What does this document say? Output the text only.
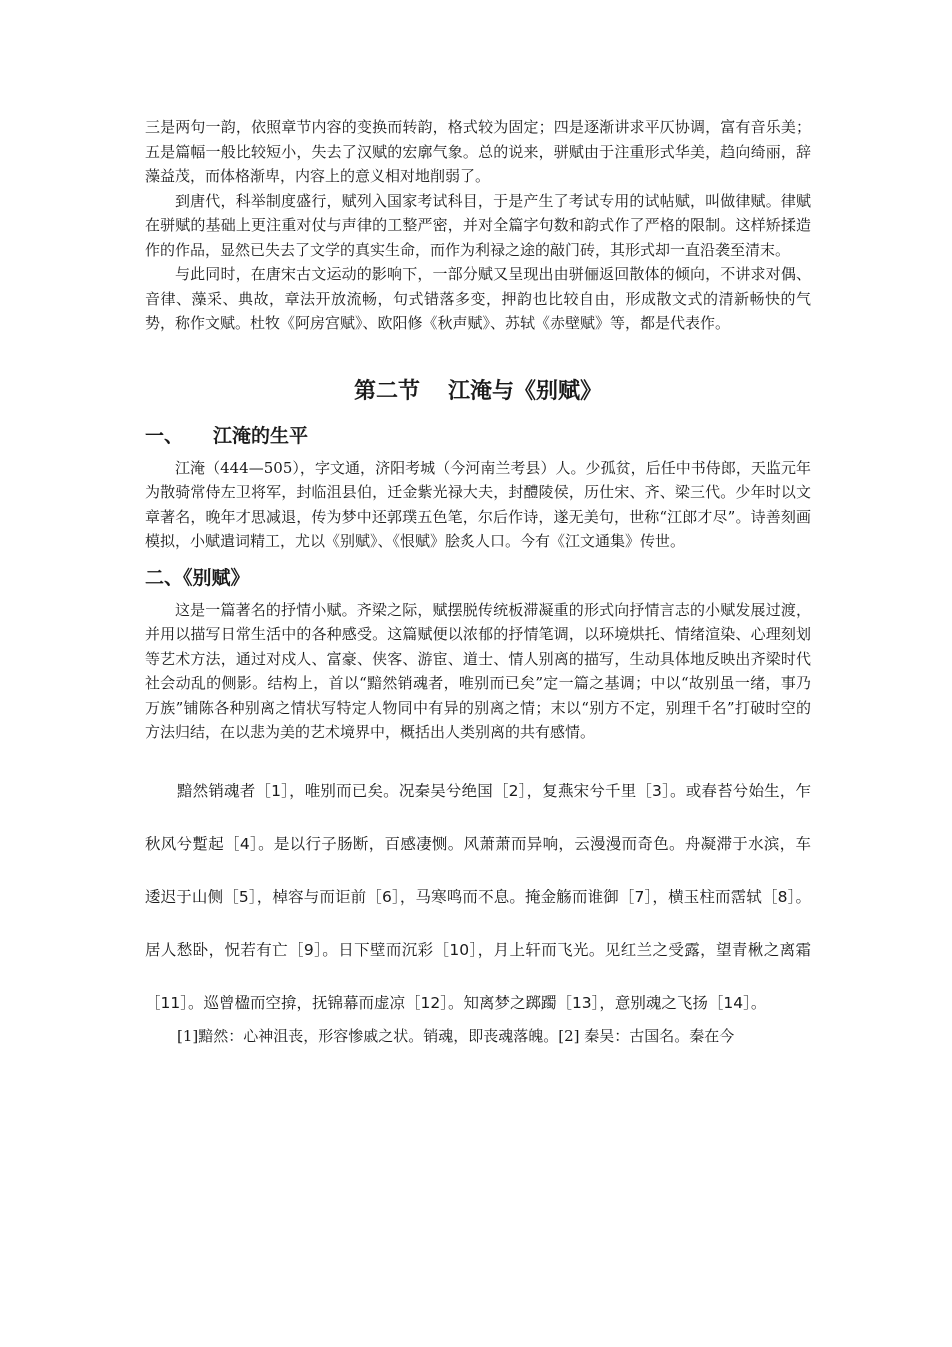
三是两句一韵，依照章节内容的变换而转韵，格式较为固定；四是逐渐讲求平仄协调，富有音乐美；五是篇幅一般比较短小，失去了汉赋的宏廓气象。总的说来，骈赋由于注重形式华美，趋向绮丽，辞藻益茂，而体格渐卑，内容上的意义相对地削弱了。

到唐代，科举制度盛行，赋列入国家考试科目，于是产生了考试专用的试帖赋，叫做律赋。律赋在骈赋的基础上更注重对仗与声律的工整严密，并对全篇字句数和韵式作了严格的限制。这样矫揉造作的作品，显然已失去了文学的真实生命，而作为利禄之途的敲门砖，其形式却一直沿袭至清末。

与此同时，在唐宋古文运动的影响下，一部分赋又呈现出由骈俪返回散体的倾向，不讲求对偶、音律、藻采、典故，章法开放流畅，句式错落多变，押韵也比较自由，形成散文式的清新畅快的气势，称作文赋。杜牧《阿房宫赋》、欧阳修《秋声赋》、苏轼《赤壁赋》等，都是代表作。

第二节 江淹与《别赋》
一、 江淹的生平

江淹（444—505），字文通，济阳考城（今河南兰考县）人。少孤贫，后任中书侍郎，天监元年为散骑常侍左卫将军，封临沮县伯，迁金紫光禄大夫，封醴陵侯，历仕宋、齐、梁三代。少年时以文章著名，晚年才思减退，传为梦中还郭璞五色笔，尔后作诗，遂无美句，世称“江郎才尽”。诗善刻画模拟，小赋遣词精工，尤以《别赋》、《恨赋》脍炙人口。今有《江文通集》传世。

二、《别赋》

这是一篇著名的抒情小赋。齐梁之际，赋摆脱传统板滞凝重的形式向抒情言志的小赋发展过渡，并用以描写日常生活中的各种感受。这篇赋便以浓郁的抒情笔调，以环境烘托、情绪渲染、心理刻划等艺术方法，通过对戍人、富豪、侠客、游宦、道士、情人别离的描写，生动具体地反映出齐梁时代社会动乱的侧影。结构上，首以“黯然销魂者，唯别而已矣”定一篇之基调；中以“故别虽一绪，事乃万族”铺陈各种别离之情状写特定人物同中有异的别离之情；末以“别方不定，别理千名”打破时空的方法归结，在以悲为美的艺术境界中，概括出人类别离的共有感情。

黯然销魂者［1］，唯别而已矣。况秦吴兮绝国［2］，复燕宋兮千里［3］。或春苔兮始生，乍秋风兮蹔起［4］。是以行子肠断，百感凄恻。风萧萧而异响，云漫漫而奇色。舟凝滞于水滨，车逶迟于山侧［5］，棹容与而讵前［6］，马寒鸣而不息。掩金觞而谁御［7］，横玉柱而霑轼［8］。居人愁卧，怳若有亡［9］。日下壁而沉彩［10］，月上轩而飞光。见红兰之受露，望青楸之离霜［11］。巡曾楹而空揜，抚锦幕而虚凉［12］。知离梦之踯躅［13］，意别魂之飞扬［14］。

[1]黯然：心神沮丧，形容惨戚之状。销魂，即丧魂落魄。[2] 秦吴：古国名。秦在今
